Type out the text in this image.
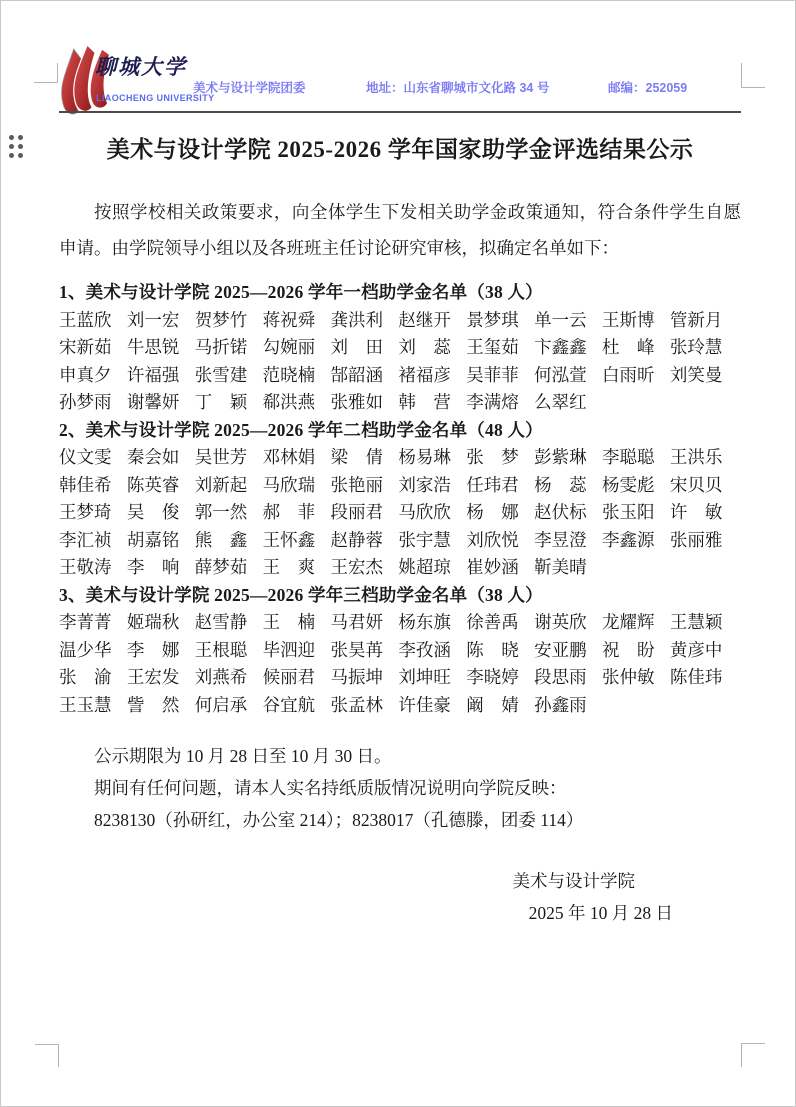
聊城大学
LIAOCHENG UNIVERSITY
美术与设计学院团委	地址：山东省聊城市文化路 34 号	邮编：252059
美术与设计学院 2025-2026 学年国家助学金评选结果公示

按照学校相关政策要求，向全体学生下发相关助学金政策通知，符合条件学生自愿申请。由学院领导小组以及各班班主任讨论研究审核，拟确定名单如下：

1、美术与设计学院 2025—2026 学年一档助学金名单（38 人）
王蓝欣 刘一宏 贺梦竹 蒋祝舜 龚洪利 赵继开 景梦琪 单一云 王斯博 管新月
宋新茹 牛思锐 马折锘 勾婉丽 刘　田 刘　蕊 王玺茹 卞鑫鑫 杜　峰 张玲慧
申真夕 许福强 张雪建 范晓楠 郜韶涵 褚福彦 吴菲菲 何泓萱 白雨昕 刘笑曼
孙梦雨 谢馨妍 丁　颖 郗洪燕 张雅如 韩　营 李满熔 么翠红
2、美术与设计学院 2025—2026 学年二档助学金名单（48 人）
仪文雯 秦会如 吴世芳 邓林娟 梁　倩 杨易琳 张　梦 彭紫琳 李聪聪 王洪乐
韩佳希 陈英睿 刘新起 马欣瑞 张艳丽 刘家浩 任玮君 杨　蕊 杨雯彪 宋贝贝
王梦琦 吴　俊 郭一然 郝　菲 段丽君 马欣欣 杨　娜 赵伏标 张玉阳 许　敏
李汇祯 胡嘉铭 熊　鑫 王怀鑫 赵静蓉 张宇慧 刘欣悦 李昱澄 李鑫源 张丽雅
王敬涛 李　响 薛梦茹 王　爽 王宏杰 姚超琼 崔妙涵 靳美晴
3、美术与设计学院 2025—2026 学年三档助学金名单（38 人）
李菁菁 姬瑞秋 赵雪静 王　楠 马君妍 杨东旗 徐善禹 谢英欣 龙耀辉 王慧颖
温少华 李　娜 王根聪 毕泗迎 张昊苒 李孜涵 陈　晓 安亚鹏 祝　盼 黄彦中
张　渝 王宏发 刘燕希 候丽君 马振坤 刘坤旺 李晓婷 段思雨 张仲敏 陈佳玮
王玉慧 訾　然 何启承 谷宜航 张孟林 许佳豪 阚　婧 孙鑫雨

公示期限为 10 月 28 日至 10 月 30 日。

期间有任何问题，请本人实名持纸质版情况说明向学院反映：

8238130（孙研红，办公室 214）；8238017（孔德滕，团委 114）

美术与设计学院
2025 年 10 月 28 日
